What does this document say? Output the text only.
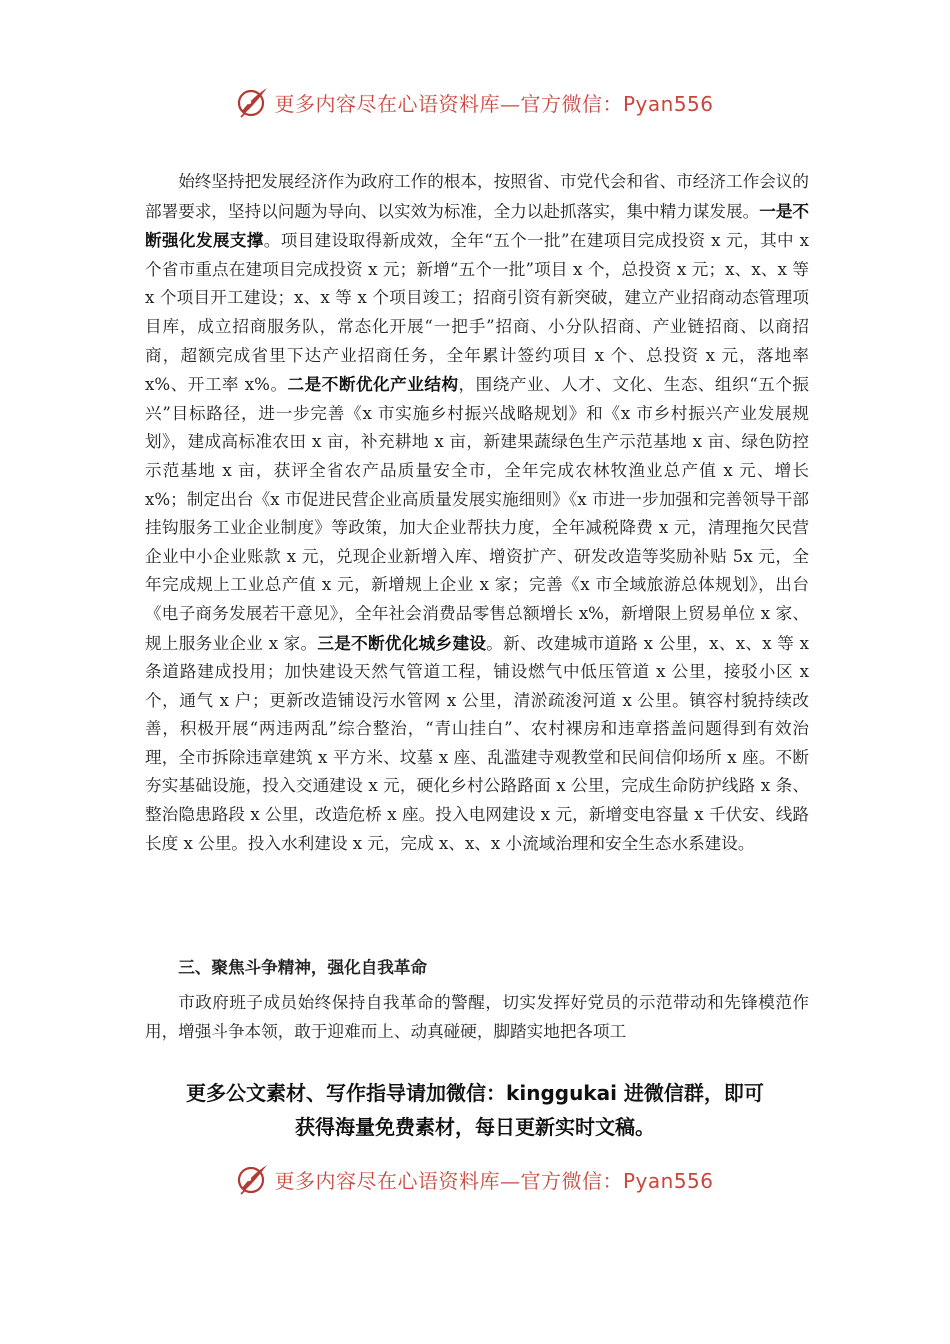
更多内容尽在心语资料库—官方微信：Pyan556

始终坚持把发展经济作为政府工作的根本，按照省、市党代会和省、市经济工作会议的部署要求，坚持以问题为导向、以实效为标准，全力以赴抓落实，集中精力谋发展。一是不断强化发展支撑。项目建设取得新成效，全年“五个一批”在建项目完成投资 x 元，其中 x 个省市重点在建项目完成投资 x 元；新增“五个一批”项目 x 个，总投资 x 元；x、x、x 等 x 个项目开工建设；x、x 等 x 个项目竣工；招商引资有新突破，建立产业招商动态管理项目库，成立招商服务队，常态化开展“一把手”招商、小分队招商、产业链招商、以商招商，超额完成省里下达产业招商任务，全年累计签约项目 x 个、总投资 x 元，落地率 x%、开工率 x%。二是不断优化产业结构，围绕产业、人才、文化、生态、组织“五个振兴”目标路径，进一步完善《x 市实施乡村振兴战略规划》和《x 市乡村振兴产业发展规划》，建成高标准农田 x 亩，补充耕地 x 亩，新建果蔬绿色生产示范基地 x 亩、绿色防控示范基地 x 亩，获评全省农产品质量安全市，全年完成农林牧渔业总产值 x 元、增长 x%；制定出台《x 市促进民营企业高质量发展实施细则》《x 市进一步加强和完善领导干部挂钩服务工业企业制度》等政策，加大企业帮扶力度，全年减税降费 x 元，清理拖欠民营企业中小企业账款 x 元，兑现企业新增入库、增资扩产、研发改造等奖励补贴 5x 元，全年完成规上工业总产值 x 元，新增规上企业 x 家；完善《x 市全域旅游总体规划》，出台《电子商务发展若干意见》，全年社会消费品零售总额增长 x%，新增限上贸易单位 x 家、规上服务业企业 x 家。三是不断优化城乡建设。新、改建城市道路 x 公里，x、x、x 等 x 条道路建成投用；加快建设天然气管道工程，铺设燃气中低压管道 x 公里，接驳小区 x 个，通气 x 户；更新改造铺设污水管网 x 公里，清淤疏浚河道 x 公里。镇容村貌持续改善，积极开展“两违两乱”综合整治，“青山挂白”、农村裸房和违章搭盖问题得到有效治理，全市拆除违章建筑 x 平方米、坟墓 x 座、乱滥建寺观教堂和民间信仰场所 x 座。不断夯实基础设施，投入交通建设 x 元，硬化乡村公路路面 x 公里，完成生命防护线路 x 条、整治隐患路段 x 公里，改造危桥 x 座。投入电网建设 x 元，新增变电容量 x 千伏安、线路长度 x 公里。投入水利建设 x 元，完成 x、x、x 小流域治理和安全生态水系建设。

三、聚焦斗争精神，强化自我革命

市政府班子成员始终保持自我革命的警醒，切实发挥好党员的示范带动和先锋模范作用，增强斗争本领，敢于迎难而上、动真碰硬，脚踏实地把各项工

更多公文素材、写作指导请加微信：kinggukai 进微信群，即可
获得海量免费素材，每日更新实时文稿。
更多内容尽在心语资料库—官方微信：Pyan556
